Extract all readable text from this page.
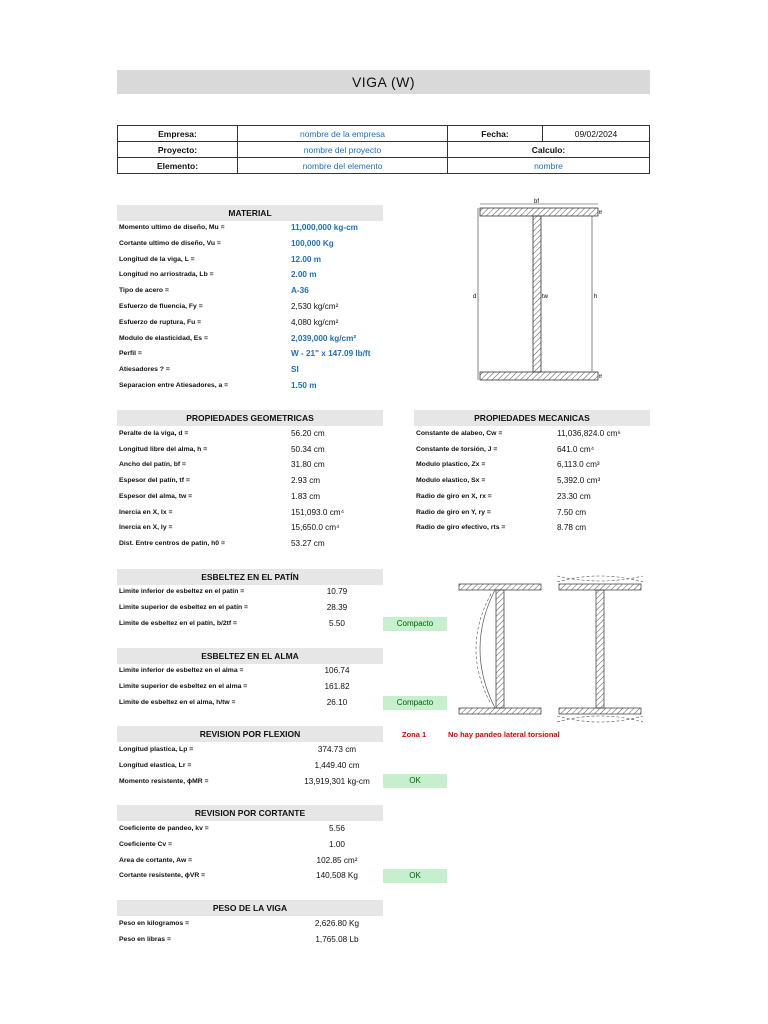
VIGA (W)
Empresa:	nombre de la empresa	Fecha:	09/02/2024
Proyecto:	nombre del proyecto	Calculo:	
Elemento:	nombre del elemento	nombre	
MATERIAL
Momento ultimo de diseño, Mu =	11,000,000 kg-cm
Cortante ultimo de diseño, Vu =	100,000 Kg
Longitud de la viga, L =	12.00 m
Longitud no arriostrada, Lb =	2.00 m
Tipo de acero =	A-36
Esfuerzo de fluencia, Fy =	2,530 kg/cm²
Esfuerzo de ruptura, Fu =	4,080 kg/cm²
Modulo de elasticidad, Es =	2,039,000 kg/cm²
Perfil =	W - 21" x 147.09 lb/ft
Atiesadores ? =	SI
Separacion entre Atiesadores, a =	1.50 m
bf
d	h
tw
tf
tf
PROPIEDADES GEOMETRICAS
Peralte de la viga, d =	56.20 cm
Longitud libre del alma, h =	50.34 cm
Ancho del patín, bf =	31.80 cm
Espesor del patín, tf =	2.93 cm
Espesor del alma, tw =	1.83 cm
Inercia en X, Ix =	151,093.0 cm⁴
Inercia en X, Iy =	15,650.0 cm⁴
Dist. Entre centros de patín, h0 =	53.27 cm
PROPIEDADES MECANICAS
Constante de alabeo, Cw =	11,036,824.0 cm⁶
Constante de torsión, J =	641.0 cm⁴
Modulo plastico, Zx =	6,113.0 cm³
Modulo elastico, Sx =	5,392.0 cm³
Radio de giro en X, rx =	23.30 cm
Radio de giro en Y, ry =	7.50 cm
Radio de giro efectivo, rts =	8.78 cm
ESBELTEZ EN EL PATÍN
Limite inferior de esbeltez en el patín =	10.79
Limite superior de esbeltez en el patín =	28.39
Limite de esbeltez en el patín, b/2tf =	5.50	Compacto
ESBELTEZ EN EL ALMA
Limite inferior de esbeltez en el alma =	106.74
Limite superior de esbeltez en el alma =	161.82
Limite de esbeltez en el alma, h/tw =	26.10	Compacto
REVISION POR FLEXION	Zona 1	No hay pandeo lateral torsional
Longitud plastica, Lp =	374.73 cm
Longitud elastica, Lr =	1,449.40 cm
Momento resistente, ɸMR =	13,919,301 kg-cm	OK
REVISION POR CORTANTE
Coeficiente de pandeo, kv =	5.56
Coeficiente Cv =	1.00
Area de cortante, Aw =	102.85 cm²
Cortante resistente, ɸVR =	140,508 Kg	OK
PESO DE LA VIGA
Peso en kilogramos =	2,626.80 Kg
Peso en libras =	1,765.08 Lb
